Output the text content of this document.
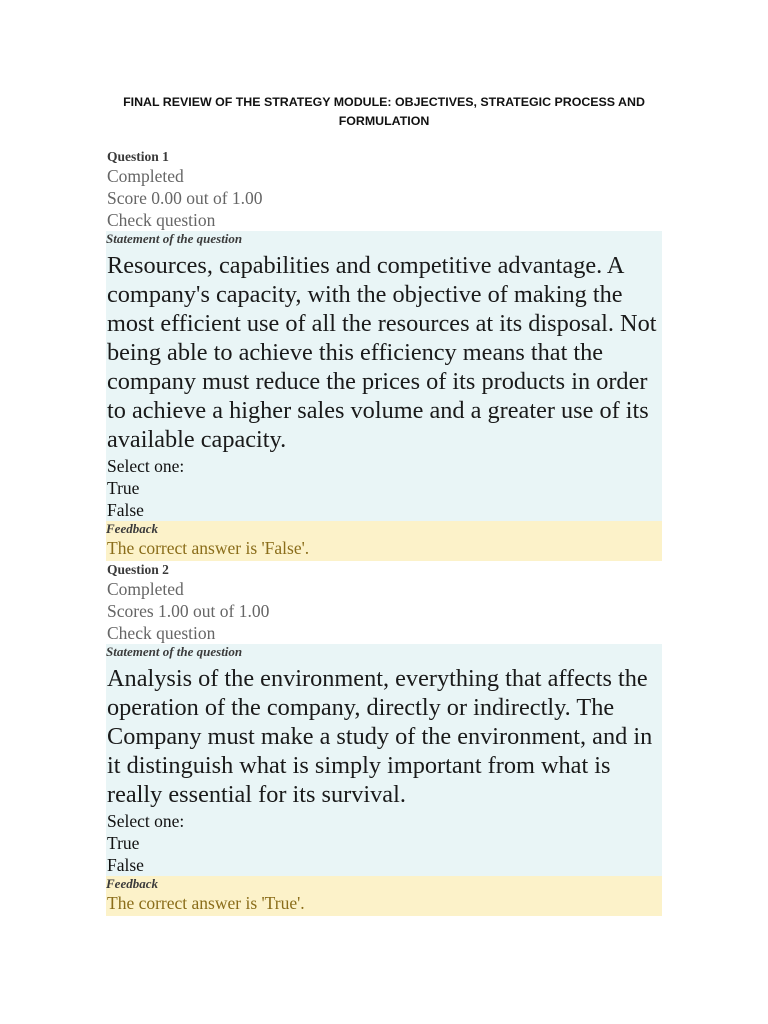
FINAL REVIEW OF THE STRATEGY MODULE: OBJECTIVES, STRATEGIC PROCESS AND
FORMULATION
Question 1
Completed
Score 0.00 out of 1.00
Check question
Statement of the question
Resources, capabilities and competitive advantage. A company's capacity, with the objective of making the most efficient use of all the resources at its disposal. Not being able to achieve this efficiency means that the company must reduce the prices of its products in order to achieve a higher sales volume and a greater use of its available capacity.
Select one:
True
False
Feedback
The correct answer is 'False'.
Question 2
Completed
Scores 1.00 out of 1.00
Check question
Statement of the question
Analysis of the environment, everything that affects the operation of the company, directly or indirectly. The Company must make a study of the environment, and in it distinguish what is simply important from what is really essential for its survival.
Select one:
True
False
Feedback
The correct answer is 'True'.
